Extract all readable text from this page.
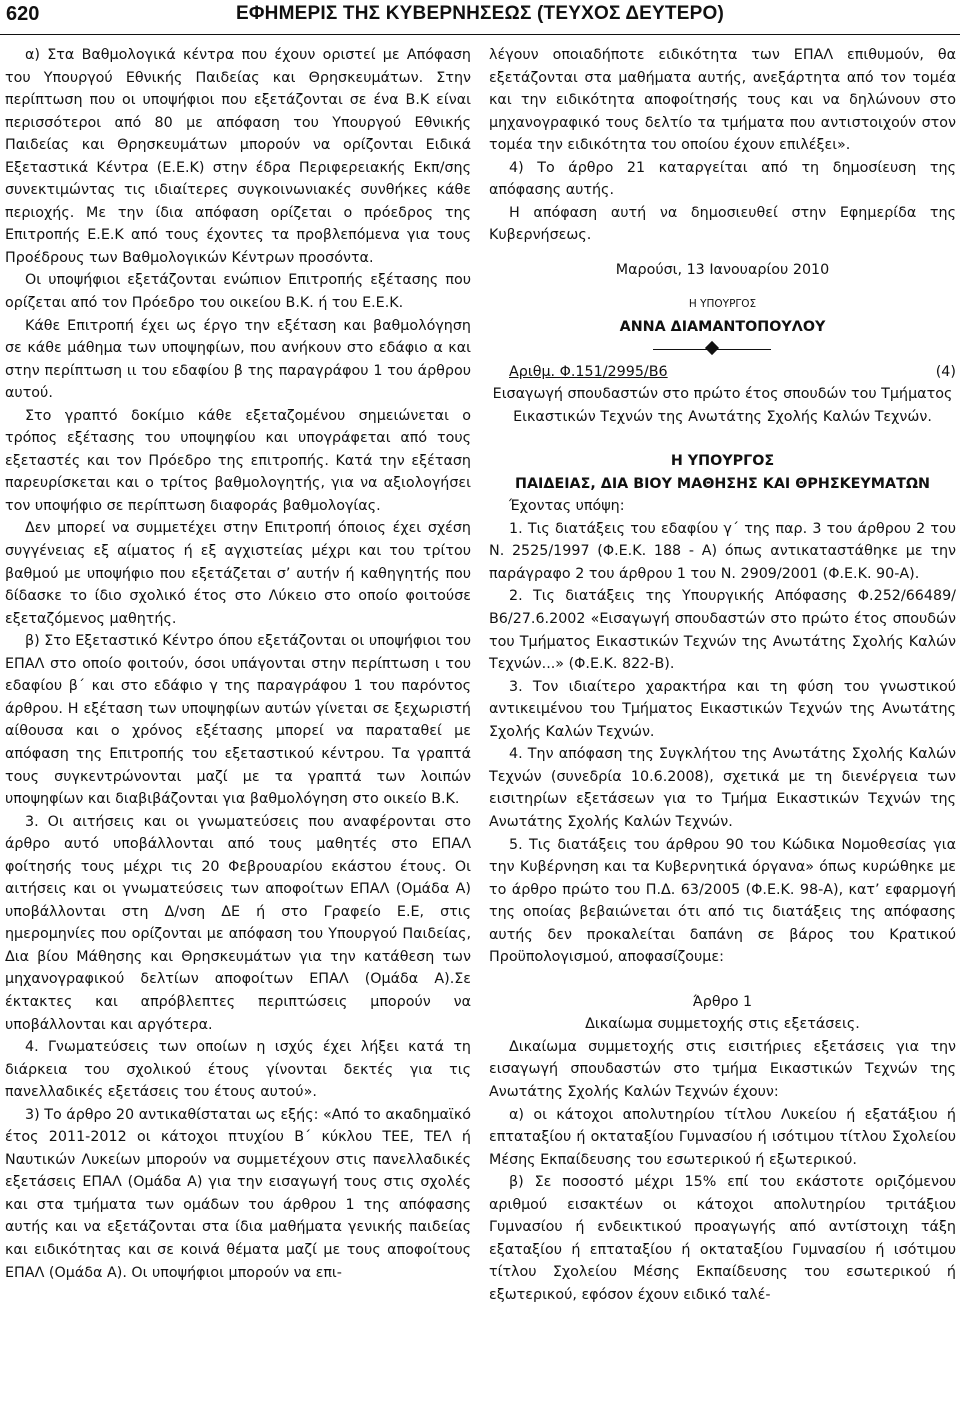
620	ΕΦΗΜΕΡΙΣ ΤΗΣ ΚΥΒΕΡΝΗΣΕΩΣ (ΤΕΥΧΟΣ ΔΕΥΤΕΡΟ)

α) Στα Βαθμολογικά κέντρα που έχουν οριστεί με Απόφαση του Υπουργού Εθνικής Παιδείας και Θρησκευμάτων. Στην περίπτωση που οι υποψήφιοι που εξετάζονται σε ένα Β.Κ είναι περισσότεροι από 80 με απόφαση του Υπουργού Εθνικής Παιδείας και Θρησκευμάτων μπορούν να ορίζονται Ειδικά Εξεταστικά Κέντρα (Ε.Ε.Κ) στην έδρα Περιφερειακής Εκπ/σης συνεκτιμώντας τις ιδιαίτερες συγκοινωνιακές συνθήκες κάθε περιοχής. Με την ίδια απόφαση ορίζεται ο πρόεδρος της Επιτροπής Ε.Ε.Κ από τους έχοντες τα προβλεπόμενα για τους Προέδρους των Βαθμολογικών Κέντρων προσόντα.

Οι υποψήφιοι εξετάζονται ενώπιον Επιτροπής εξέτασης που ορίζεται από τον Πρόεδρο του οικείου Β.Κ. ή του Ε.Ε.Κ.

Κάθε Επιτροπή έχει ως έργο την εξέταση και βαθμολόγηση σε κάθε μάθημα των υποψηφίων, που ανήκουν στο εδάφιο α και στην περίπτωση ιι του εδαφίου β της παραγράφου 1 του άρθρου αυτού.

Στο γραπτό δοκίμιο κάθε εξεταζομένου σημειώνεται ο τρόπος εξέτασης του υποψηφίου και υπογράφεται από τους εξεταστές και τον Πρόεδρο της επιτροπής. Κατά την εξέταση παρευρίσκεται και ο τρίτος βαθμολογητής, για να αξιολογήσει τον υποψήφιο σε περίπτωση διαφοράς βαθμολογίας.

Δεν μπορεί να συμμετέχει στην Επιτροπή όποιος έχει σχέση συγγένειας εξ αίματος ή εξ αγχιστείας μέχρι και του τρίτου βαθμού με υποψήφιο που εξετάζεται σ’ αυτήν ή καθηγητής που δίδασκε το ίδιο σχολικό έτος στο Λύκειο στο οποίο φοιτούσε εξεταζόμενος μαθητής.

β) Στο Εξεταστικό Κέντρο όπου εξετάζονται οι υποψήφιοι του ΕΠΑΛ στο οποίο φοιτούν, όσοι υπάγονται στην περίπτωση ι του εδαφίου β΄ και στο εδάφιο γ της παραγράφου 1 του παρόντος άρθρου. Η εξέταση των υποψηφίων αυτών γίνεται σε ξεχωριστή αίθουσα και ο χρόνος εξέτασης μπορεί να παραταθεί με απόφαση της Επιτροπής του εξεταστικού κέντρου. Τα γραπτά τους συγκεντρώνονται μαζί με τα γραπτά των λοιπών υποψηφίων και διαβιβάζονται για βαθμολόγηση στο οικείο Β.Κ.

3. Οι αιτήσεις και οι γνωματεύσεις που αναφέρονται στο άρθρο αυτό υποβάλλονται από τους μαθητές στο ΕΠΑΛ φοίτησής τους μέχρι τις 20 Φεβρουαρίου εκάστου έτους. Οι αιτήσεις και οι γνωματεύσεις των αποφοίτων ΕΠΑΛ (Ομάδα Α) υποβάλλονται στη Δ/νση ΔΕ ή στο Γραφείο Ε.Ε, στις ημερομηνίες που ορίζονται με απόφαση του Υπουργού Παιδείας, Δια βίου Μάθησης και Θρησκευμάτων για την κατάθεση των μηχανογραφικού δελτίων αποφοίτων ΕΠΑΛ (Ομάδα Α).Σε έκτακτες και απρόβλεπτες περιπτώσεις μπορούν να υποβάλλονται και αργότερα.

4. Γνωματεύσεις των οποίων η ισχύς έχει λήξει κατά τη διάρκεια του σχολικού έτους γίνονται δεκτές για τις πανελλαδικές εξετάσεις του έτους αυτού».

3) Το άρθρο 20 αντικαθίσταται ως εξής: «Από το ακαδημαϊκό έτος 2011-2012 οι κάτοχοι πτυχίου Β΄ κύκλου ΤΕΕ, ΤΕΛ ή Ναυτικών Λυκείων μπορούν να συμμετέχουν στις πανελλαδικές εξετάσεις ΕΠΑΛ (Ομάδα Α) για την εισαγωγή τους στις σχολές και στα τμήματα των ομάδων του άρθρου 1 της απόφασης αυτής και να εξετάζονται στα ίδια μαθήματα γενικής παιδείας και ειδικότητας και σε κοινά θέματα μαζί με τους αποφοίτους ΕΠΑΛ (Ομάδα Α). Οι υποψήφιοι μπορούν να επι-

λέγουν οποιαδήποτε ειδικότητα των ΕΠΑΛ επιθυμούν, θα εξετάζονται στα μαθήματα αυτής, ανεξάρτητα από τον τομέα και την ειδικότητα αποφοίτησής τους και να δηλώνουν στο μηχανογραφικό τους δελτίο τα τμήματα που αντιστοιχούν στον τομέα την ειδικότητα του οποίου έχουν επιλέξει».

4) Το άρθρο 21 καταργείται από τη δημοσίευση της απόφασης αυτής.

Η απόφαση αυτή να δημοσιευθεί στην Εφημερίδα της Κυβερνήσεως.

Μαρούσι, 13 Ιανουαρίου 2010

Η ΥΠΟΥΡΓΟΣ

ΑΝΝΑ ΔΙΑΜΑΝΤΟΠΟΥΛΟΥ

Αριθμ. Φ.151/2995/Β6	(4)

Εισαγωγή σπουδαστών στο πρώτο έτος σπουδών του Τμήματος Εικαστικών Τεχνών της Ανωτάτης Σχολής Καλών Τεχνών.

Η ΥΠΟΥΡΓΟΣ

ΠΑΙΔΕΙΑΣ, ΔΙΑ ΒΙΟΥ ΜΑΘΗΣΗΣ ΚΑΙ ΘΡΗΣΚΕΥΜΑΤΩΝ

Έχοντας υπόψη:

1. Τις διατάξεις του εδαφίου γ΄ της παρ. 3 του άρθρου 2 του Ν. 2525/1997 (Φ.Ε.Κ. 188 - Α) όπως αντικαταστάθηκε με την παράγραφο 2 του άρθρου 1 του Ν. 2909/2001 (Φ.Ε.Κ. 90-Α).

2. Τις διατάξεις της Υπουργικής Απόφασης Φ.252/66489/Β6/27.6.2002 «Εισαγωγή σπουδαστών στο πρώτο έτος σπουδών του Τμήματος Εικαστικών Τεχνών της Ανωτάτης Σχολής Καλών Τεχνών...» (Φ.Ε.Κ. 822-Β).

3. Τον ιδιαίτερο χαρακτήρα και τη φύση του γνωστικού αντικειμένου του Τμήματος Εικαστικών Τεχνών της Ανωτάτης Σχολής Καλών Τεχνών.

4. Την απόφαση της Συγκλήτου της Ανωτάτης Σχολής Καλών Τεχνών (συνεδρία 10.6.2008), σχετικά με τη διενέργεια των εισιτηρίων εξετάσεων για το Τμήμα Εικαστικών Τεχνών της Ανωτάτης Σχολής Καλών Τεχνών.

5. Τις διατάξεις του άρθρου 90 του Κώδικα Νομοθεσίας για την Κυβέρνηση και τα Κυβερνητικά όργανα» όπως κυρώθηκε με το άρθρο πρώτο του Π.Δ. 63/2005 (Φ.Ε.Κ. 98-Α), κατ’ εφαρμογή της οποίας βεβαιώνεται ότι από τις διατάξεις της απόφασης αυτής δεν προκαλείται δαπάνη σε βάρος του Κρατικού Προϋπολογισμού, αποφασίζουμε:

Άρθρο 1

Δικαίωμα συμμετοχής στις εξετάσεις.

Δικαίωμα συμμετοχής στις εισιτήριες εξετάσεις για την εισαγωγή σπουδαστών στο τμήμα Εικαστικών Τεχνών της Ανωτάτης Σχολής Καλών Τεχνών έχουν:

α) οι κάτοχοι απολυτηρίου τίτλου Λυκείου ή εξατάξιου ή επταταξίου ή οκταταξίου Γυμνασίου ή ισότιμου τίτλου Σχολείου Μέσης Εκπαίδευσης του εσωτερικού ή εξωτερικού.

β) Σε ποσοστό μέχρι 15% επί του εκάστοτε οριζόμενου αριθμού εισακτέων οι κάτοχοι απολυτηρίου τριτάξιου Γυμνασίου ή ενδεικτικού προαγωγής από αντίστοιχη τάξη εξαταξίου ή επταταξίου ή οκταταξίου Γυμνασίου ή ισότιμου τίτλου Σχολείου Μέσης Εκπαίδευσης του εσωτερικού ή εξωτερικού, εφόσον έχουν ειδικό ταλέ-
